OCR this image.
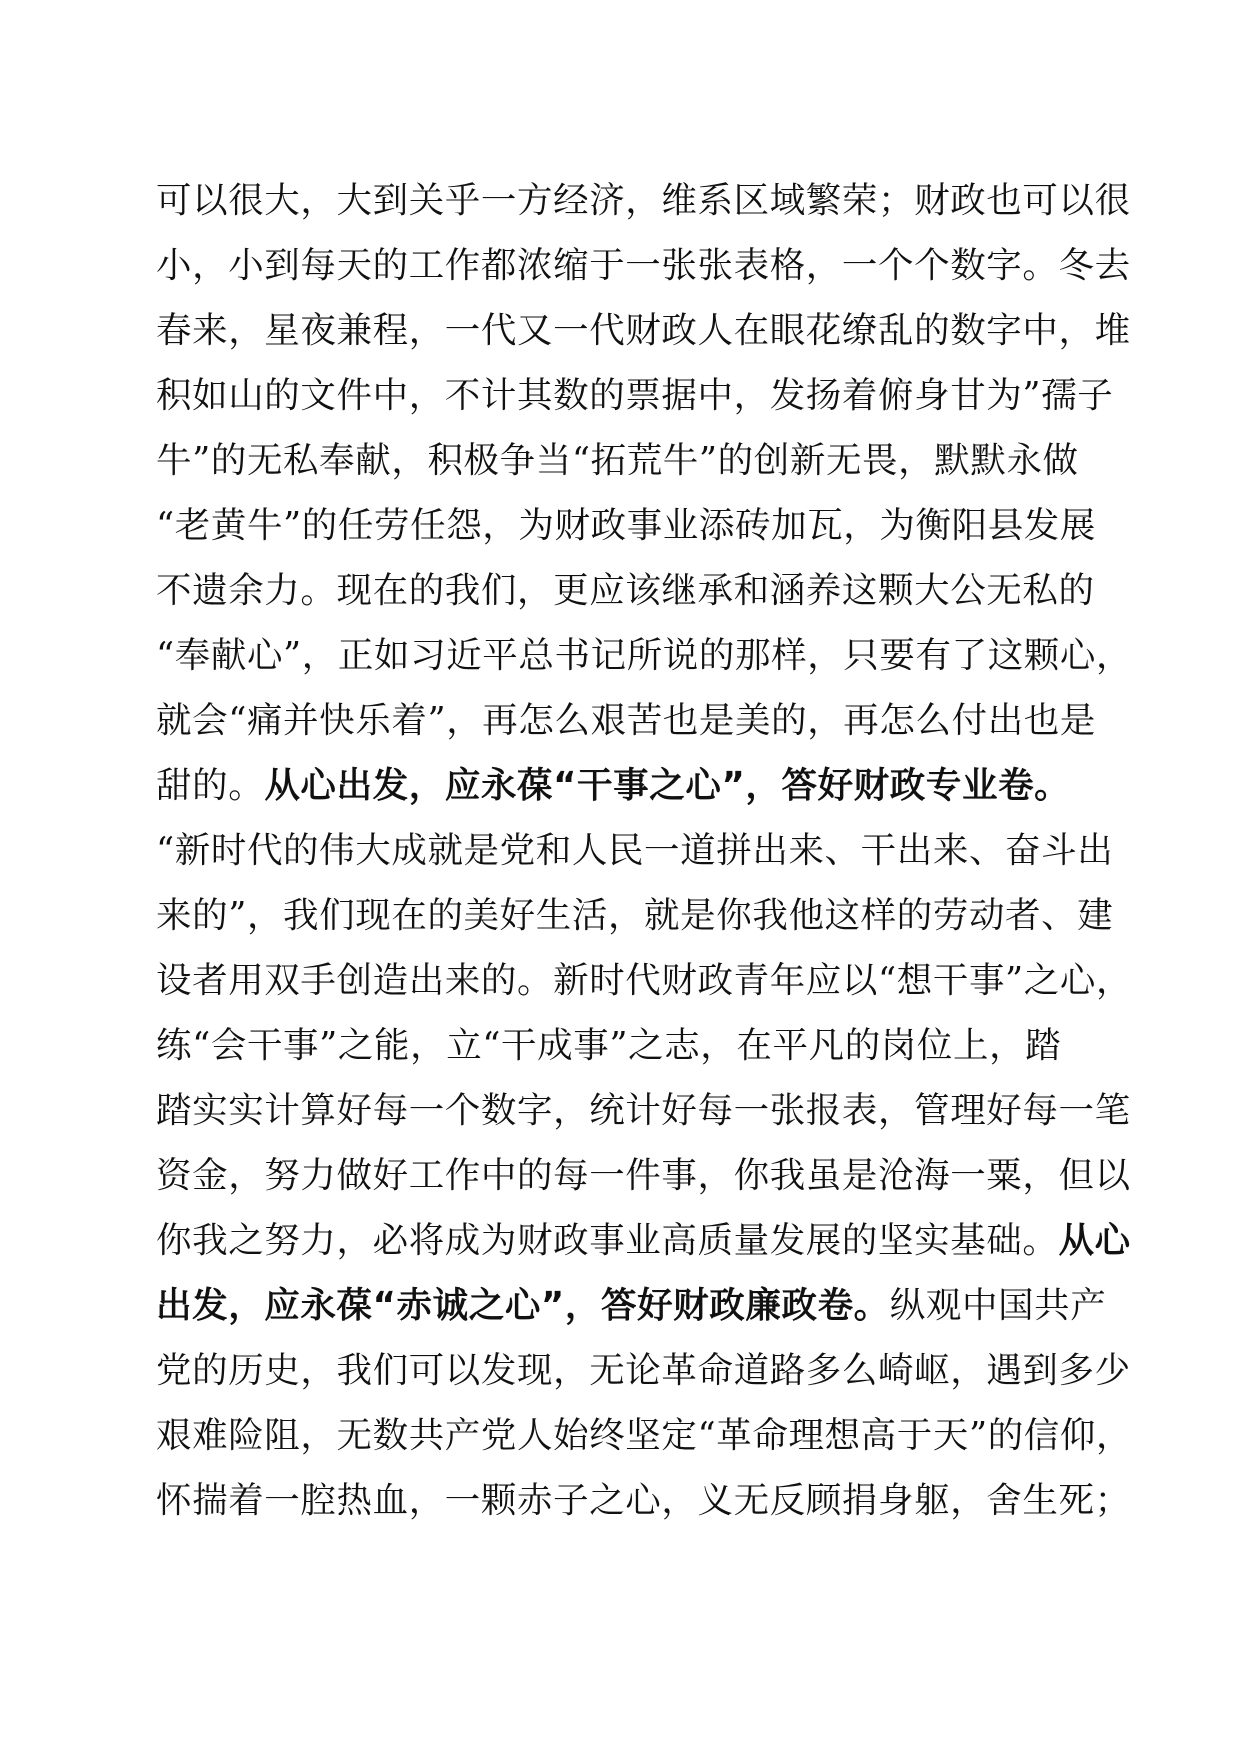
可以很大，大到关乎一方经济，维系区域繁荣；财政也可以很
小，小到每天的工作都浓缩于一张张表格，一个个数字。冬去
春来，星夜兼程，一代又一代财政人在眼花缭乱的数字中，堆
积如山的文件中，不计其数的票据中，发扬着俯身甘为”孺子
牛”的无私奉献，积极争当“拓荒牛”的创新无畏，默默永做
“老黄牛”的任劳任怨，为财政事业添砖加瓦，为衡阳县发展
不遗余力。现在的我们，更应该继承和涵养这颗大公无私的
“奉献心”，正如习近平总书记所说的那样，只要有了这颗心，
就会“痛并快乐着”，再怎么艰苦也是美的，再怎么付出也是
甜的。从心出发，应永葆“干事之心”，答好财政专业卷。
“新时代的伟大成就是党和人民一道拼出来、干出来、奋斗出
来的”，我们现在的美好生活，就是你我他这样的劳动者、建
设者用双手创造出来的。新时代财政青年应以“想干事”之心，
练“会干事”之能，立“干成事”之志，在平凡的岗位上，踏
踏实实计算好每一个数字，统计好每一张报表，管理好每一笔
资金，努力做好工作中的每一件事，你我虽是沧海一粟，但以
你我之努力，必将成为财政事业高质量发展的坚实基础。从心
出发，应永葆“赤诚之心”，答好财政廉政卷。纵观中国共产
党的历史，我们可以发现，无论革命道路多么崎岖，遇到多少
艰难险阻，无数共产党人始终坚定“革命理想高于天”的信仰，
怀揣着一腔热血，一颗赤子之心，义无反顾捐身躯，舍生死；
